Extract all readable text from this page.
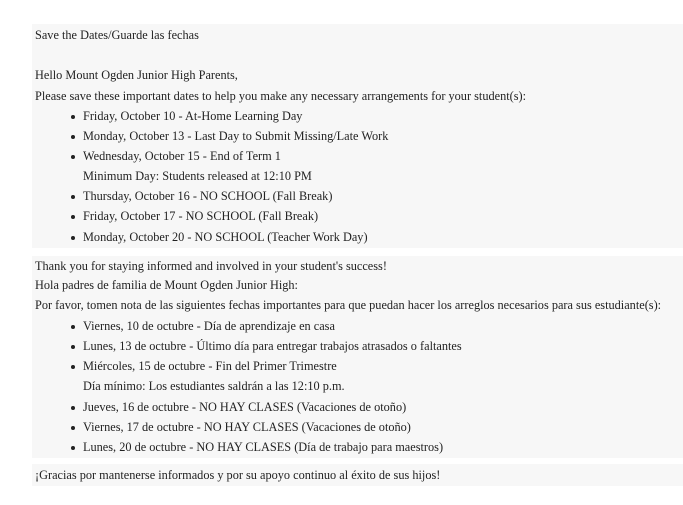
Save the Dates/Guarde las fechas
Hello Mount Ogden Junior High Parents,
Please save these important dates to help you make any necessary arrangements for your student(s):
Friday, October 10 - At-Home Learning Day
Monday, October 13 - Last Day to Submit Missing/Late Work
Wednesday, October 15 - End of Term 1
Minimum Day: Students released at 12:10 PM
Thursday, October 16 - NO SCHOOL (Fall Break)
Friday, October 17 - NO SCHOOL (Fall Break)
Monday, October 20 - NO SCHOOL (Teacher Work Day)
Thank you for staying informed and involved in your student's success!
Hola padres de familia de Mount Ogden Junior High:
Por favor, tomen nota de las siguientes fechas importantes para que puedan hacer los arreglos necesarios para sus estudiante(s):
Viernes, 10 de octubre - Día de aprendizaje en casa
Lunes, 13 de octubre - Último día para entregar trabajos atrasados o faltantes
Miércoles, 15 de octubre - Fin del Primer Trimestre
Día mínimo: Los estudiantes saldrán a las 12:10 p.m.
Jueves, 16 de octubre - NO HAY CLASES (Vacaciones de otoño)
Viernes, 17 de octubre - NO HAY CLASES (Vacaciones de otoño)
Lunes, 20 de octubre - NO HAY CLASES (Día de trabajo para maestros)
¡Gracias por mantenerse informados y por su apoyo continuo al éxito de sus hijos!
